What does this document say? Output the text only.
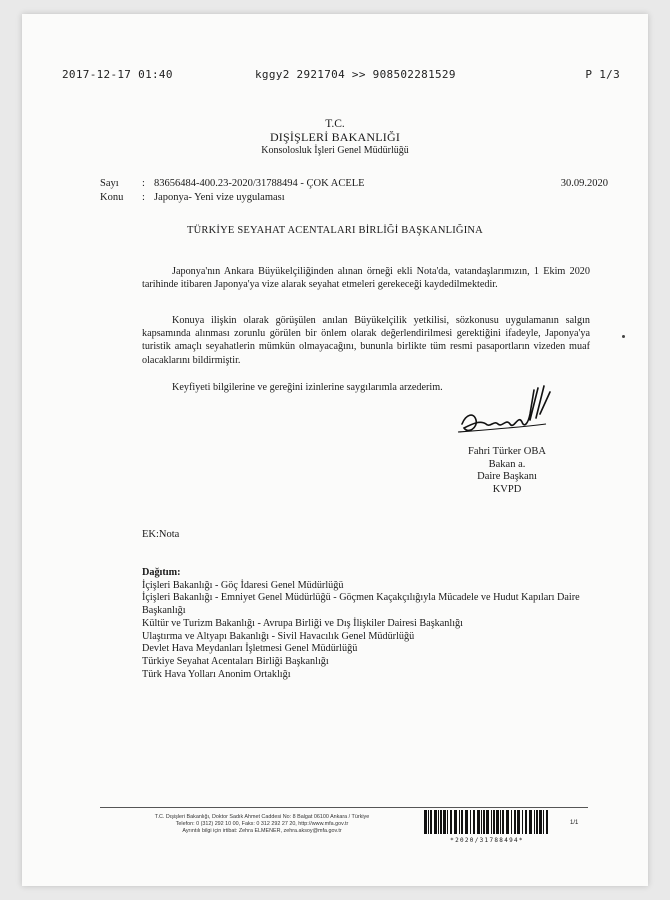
2017-12-17 01:40	kggy2 2921704 >> 908502281529	P 1/3
T.C.
DIŞİŞLERİ BAKANLIĞI
Konsolosluk İşleri Genel Müdürlüğü
Sayı : 83656484-400.23-2020/31788494 - ÇOK ACELE	30.09.2020
Konu : Japonya- Yeni vize uygulaması
TÜRKİYE SEYAHAT ACENTALARI BİRLİĞİ BAŞKANLIĞINA
Japonya'nın Ankara Büyükelçiliğinden alınan örneği ekli Nota'da, vatandaşlarımızın, 1 Ekim 2020 tarihinde itibaren Japonya'ya vize alarak seyahat etmeleri gerekeceği kaydedilmektedir.
Konuya ilişkin olarak görüşülen anılan Büyükelçilik yetkilisi, sözkonusu uygulamanın salgın kapsamında alınması zorunlu görülen bir önlem olarak değerlendirilmesi gerektiğini ifadeyle, Japonya'ya turistik amaçlı seyahatlerin mümkün olmayacağını, bununla birlikte tüm resmi pasaportların vizeden muaf olacaklarını bildirmiştir.
Keyfiyeti bilgilerine ve gereğini izinlerine saygılarımla arzederim.
Fahri Türker OBA
Bakan a.
Daire Başkanı
KVPD
EK:Nota
Dağıtım:
İçişleri Bakanlığı - Göç İdaresi Genel Müdürlüğü
İçişleri Bakanlığı - Emniyet Genel Müdürlüğü - Göçmen Kaçakçılığıyla Mücadele ve Hudut Kapıları Daire Başkanlığı
Kültür ve Turizm Bakanlığı - Avrupa Birliği ve Dış İlişkiler Dairesi Başkanlığı
Ulaştırma ve Altyapı Bakanlığı - Sivil Havacılık Genel Müdürlüğü
Devlet Hava Meydanları İşletmesi Genel Müdürlüğü
Türkiye Seyahat Acentaları Birliği Başkanlığı
Türk Hava Yolları Anonim Ortaklığı
T.C. Dışişleri Bakanlığı, Doktor Sadık Ahmet Caddesi No: 8 Balgat 06100 Ankara / Türkiye
Telefon: 0 (312) 292 10 00, Faks: 0 312 292 27 20, http://www.mfa.gov.tr
Ayrıntılı bilgi için irtibat: Zehra ELMENER, zehra.aksoy@mfa.gov.tr
*2020/31788494*
1/1
